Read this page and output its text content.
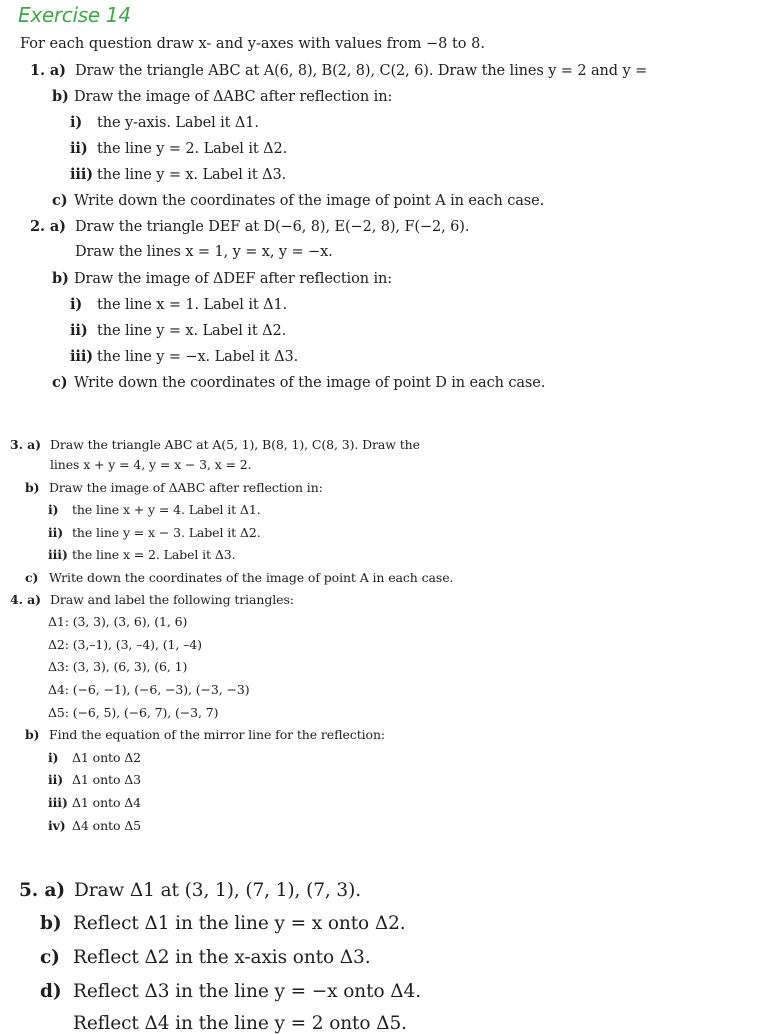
Exercise 14
For each question draw x- and y-axes with values from −8 to 8.
1. a) Draw the triangle ABC at A(6, 8), B(2, 8), C(2, 6). Draw the lines y = 2 and y =
b) Draw the image of ΔABC after reflection in:
i) the y-axis. Label it Δ1.
ii) the line y = 2. Label it Δ2.
iii) the line y = x. Label it Δ3.
c) Write down the coordinates of the image of point A in each case.
2. a) Draw the triangle DEF at D(−6, 8), E(−2, 8), F(−2, 6).
Draw the lines x = 1, y = x, y = −x.
b) Draw the image of ΔDEF after reflection in:
i) the line x = 1. Label it Δ1.
ii) the line y = x. Label it Δ2.
iii) the line y = −x. Label it Δ3.
c) Write down the coordinates of the image of point D in each case.
3. a) Draw the triangle ABC at A(5, 1), B(8, 1), C(8, 3). Draw the
lines x + y = 4, y = x − 3, x = 2.
b) Draw the image of ΔABC after reflection in:
i) the line x + y = 4. Label it Δ1.
ii) the line y = x − 3. Label it Δ2.
iii) the line x = 2. Label it Δ3.
c) Write down the coordinates of the image of point A in each case.
4. a) Draw and label the following triangles:
Δ1: (3, 3), (3, 6), (1, 6)
Δ2: (3,–1), (3, –4), (1, –4)
Δ3: (3, 3), (6, 3), (6, 1)
Δ4: (−6, −1), (−6, −3), (−3, −3)
Δ5: (−6, 5), (−6, 7), (−3, 7)
b) Find the equation of the mirror line for the reflection:
i) Δ1 onto Δ2
ii) Δ1 onto Δ3
iii) Δ1 onto Δ4
iv) Δ4 onto Δ5
5. a) Draw Δ1 at (3, 1), (7, 1), (7, 3).
b) Reflect Δ1 in the line y = x onto Δ2.
c) Reflect Δ2 in the x-axis onto Δ3.
d) Reflect Δ3 in the line y = −x onto Δ4.
Reflect Δ4 in the line y = 2 onto Δ5.
